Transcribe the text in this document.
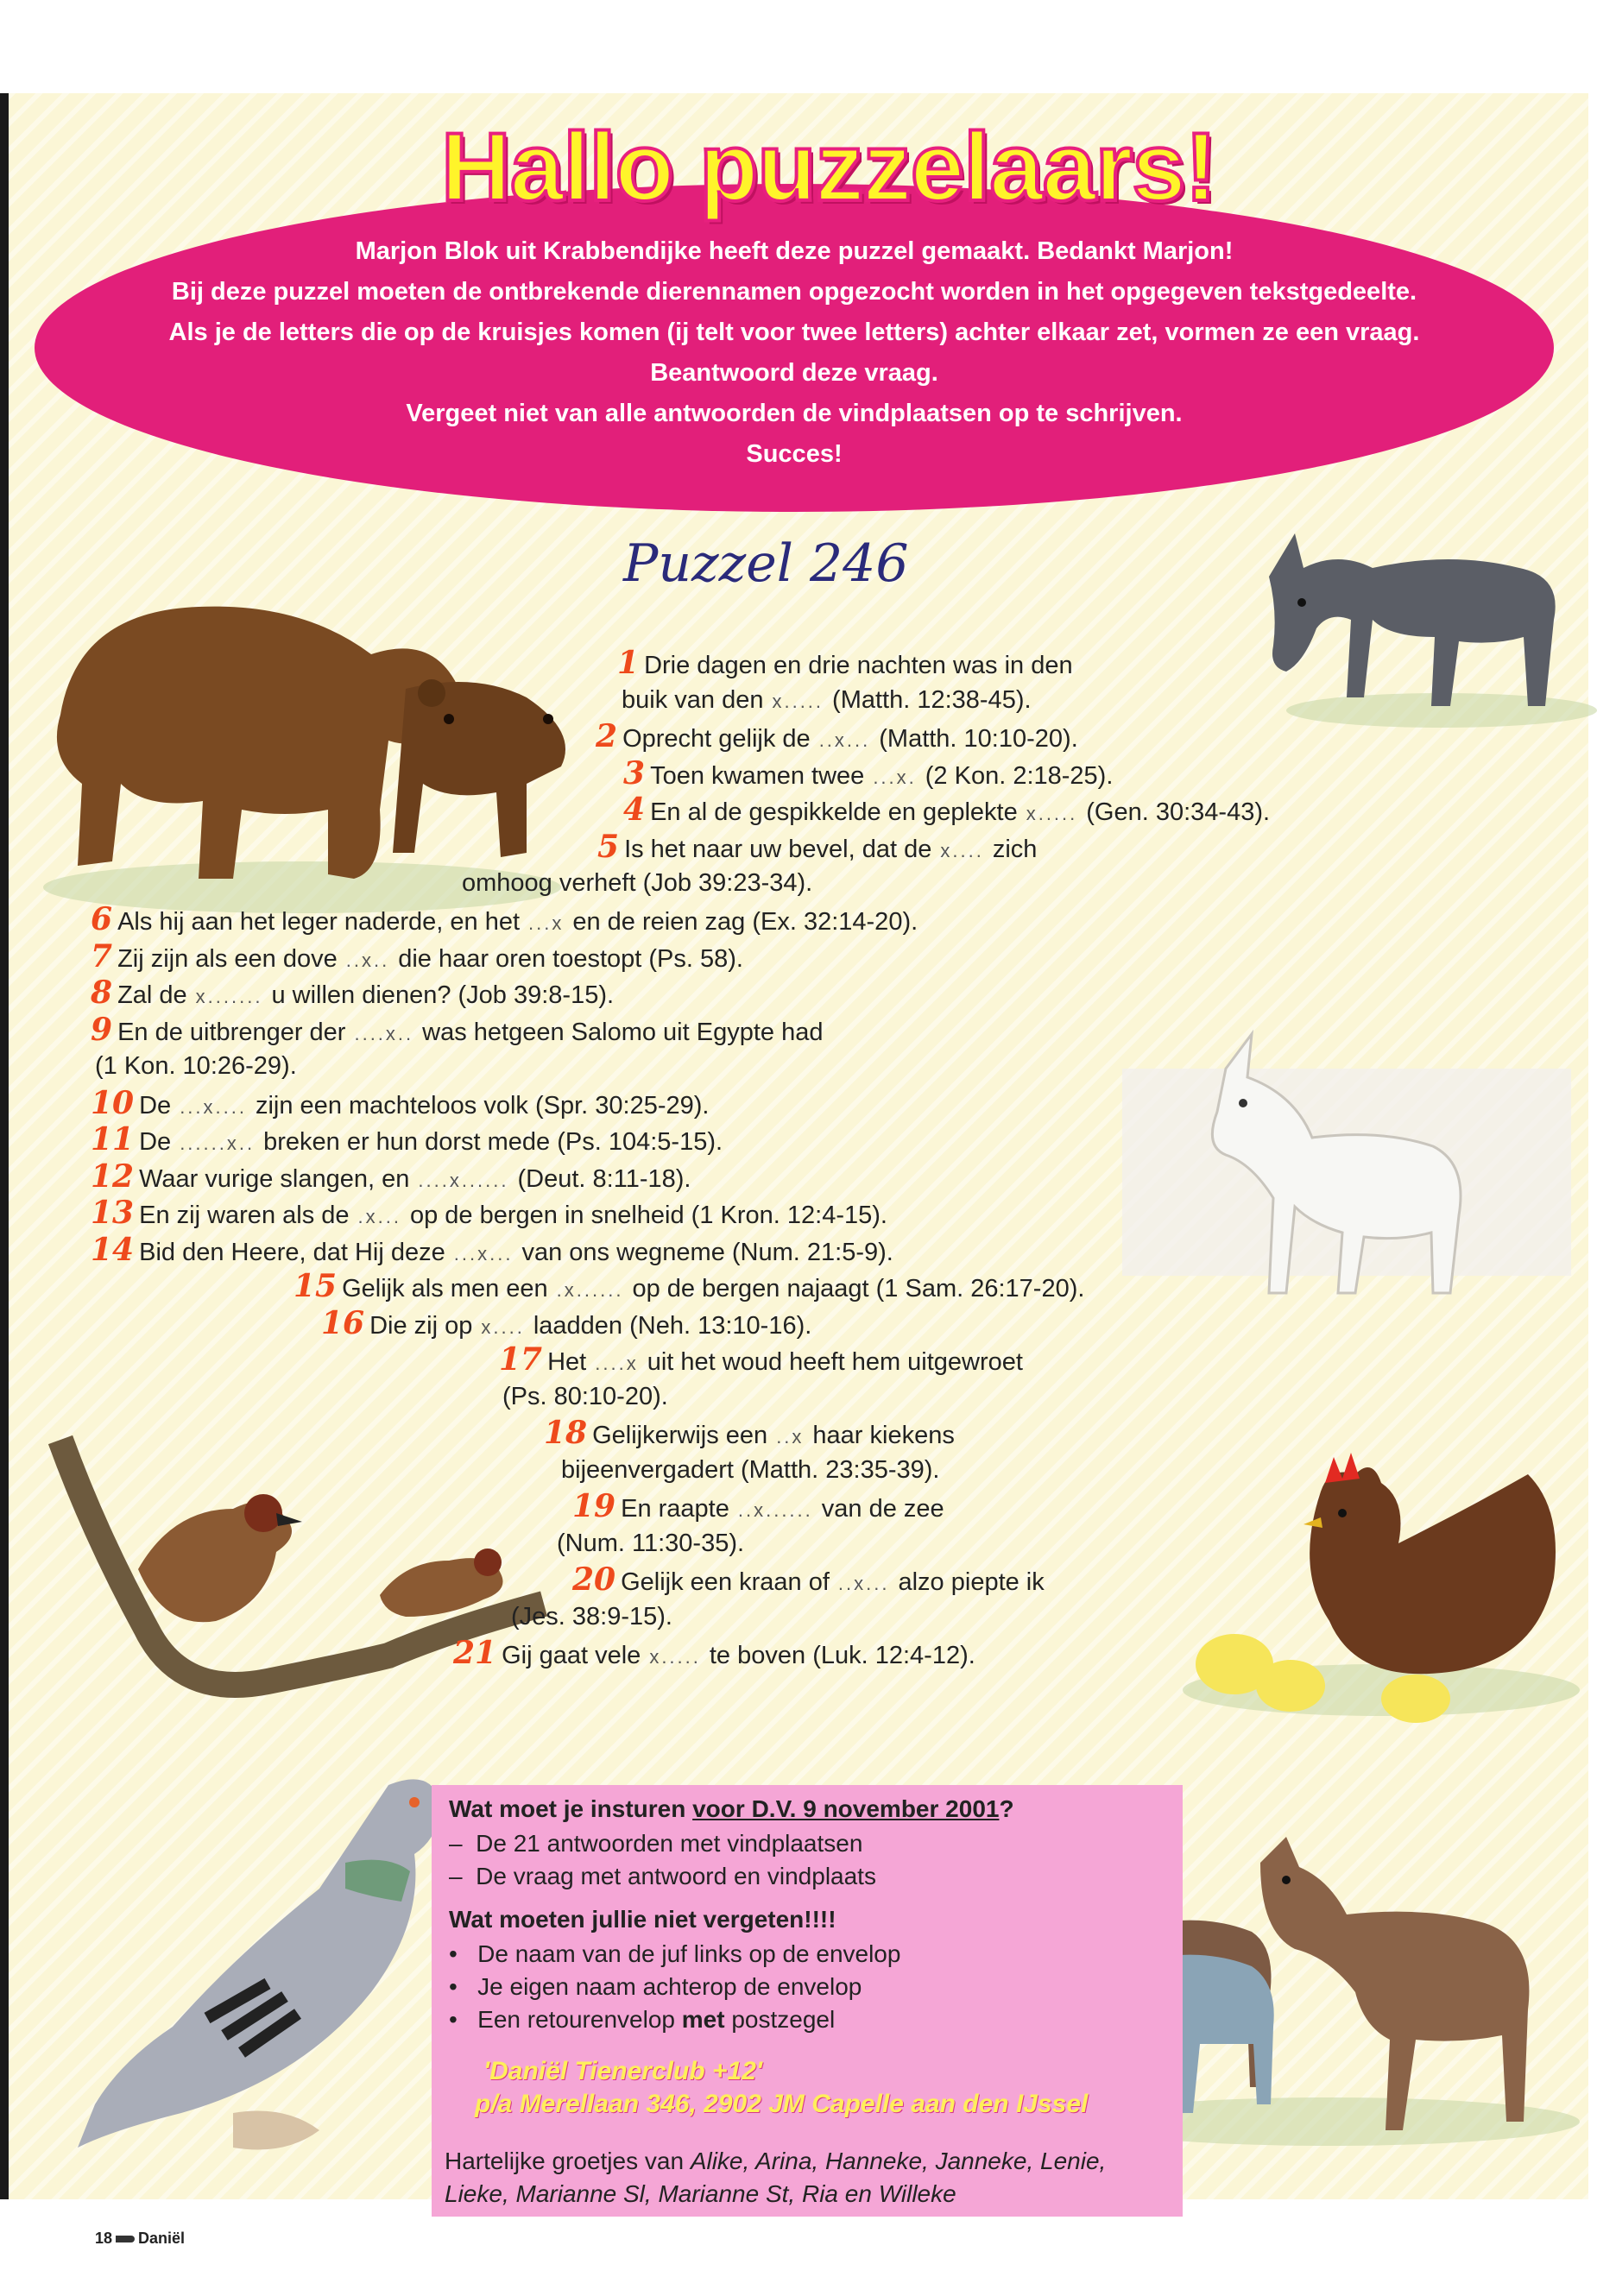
Hallo puzzelaars!
Marjon Blok uit Krabbendijke heeft deze puzzel gemaakt. Bedankt Marjon!
Bij deze puzzel moeten de ontbrekende dierennamen opgezocht worden in het opgegeven tekstgedeelte.
Als je de letters die op de kruisjes komen (ij telt voor twee letters) achter elkaar zet, vormen ze een vraag.
Beantwoord deze vraag.
Vergeet niet van alle antwoorden de vindplaatsen op te schrijven.
Succes!
Puzzel 246
1 Drie dagen en drie nachten was in den
buik van den x..... (Matth. 12:38-45).
2 Oprecht gelijk de ..x... (Matth. 10:10-20).
3 Toen kwamen twee ...x. (2 Kon. 2:18-25).
4 En al de gespikkelde en geplekte x..... (Gen. 30:34-43).
5 Is het naar uw bevel, dat de x.... zich
omhoog verheft (Job 39:23-34).
6 Als hij aan het leger naderde, en het ...x en de reien zag (Ex. 32:14-20).
7 Zij zijn als een dove ..x.. die haar oren toestopt (Ps. 58).
8 Zal de x....... u willen dienen? (Job 39:8-15).
9 En de uitbrenger der ....x.. was hetgeen Salomo uit Egypte had
(1 Kon. 10:26-29).
10 De ...x.... zijn een machteloos volk (Spr. 30:25-29).
11 De ......x.. breken er hun dorst mede (Ps. 104:5-15).
12 Waar vurige slangen, en ....x...... (Deut. 8:11-18).
13 En zij waren als de .x... op de bergen in snelheid (1 Kron. 12:4-15).
14 Bid den Heere, dat Hij deze ...x... van ons wegneme (Num. 21:5-9).
15 Gelijk als men een .x...... op de bergen najaagt (1 Sam. 26:17-20).
16 Die zij op x.... laadden (Neh. 13:10-16).
17 Het ....x uit het woud heeft hem uitgewroet
(Ps. 80:10-20).
18 Gelijkerwijs een ..x haar kiekens
bijeenvergadert (Matth. 23:35-39).
19 En raapte ..x...... van de zee
(Num. 11:30-35).
20 Gelijk een kraan of ..x... alzo piepte ik
(Jes. 38:9-15).
21 Gij gaat vele x..... te boven (Luk. 12:4-12).
Wat moet je insturen voor D.V. 9 november 2001?
–  De 21 antwoorden met vindplaatsen
–  De vraag met antwoord en vindplaats
Wat moeten jullie niet vergeten!!!!
•   De naam van de juf links op de envelop
•   Je eigen naam achterop de envelop
•   Een retourenvelop met postzegel
'Daniël Tienerclub +12'
p/a Merellaan 346, 2902 JM Capelle aan den IJssel
Hartelijke groetjes van Alike, Arina, Hanneke, Janneke, Lenie,
Lieke, Marianne Sl, Marianne St, Ria en Willeke
18 Daniël
